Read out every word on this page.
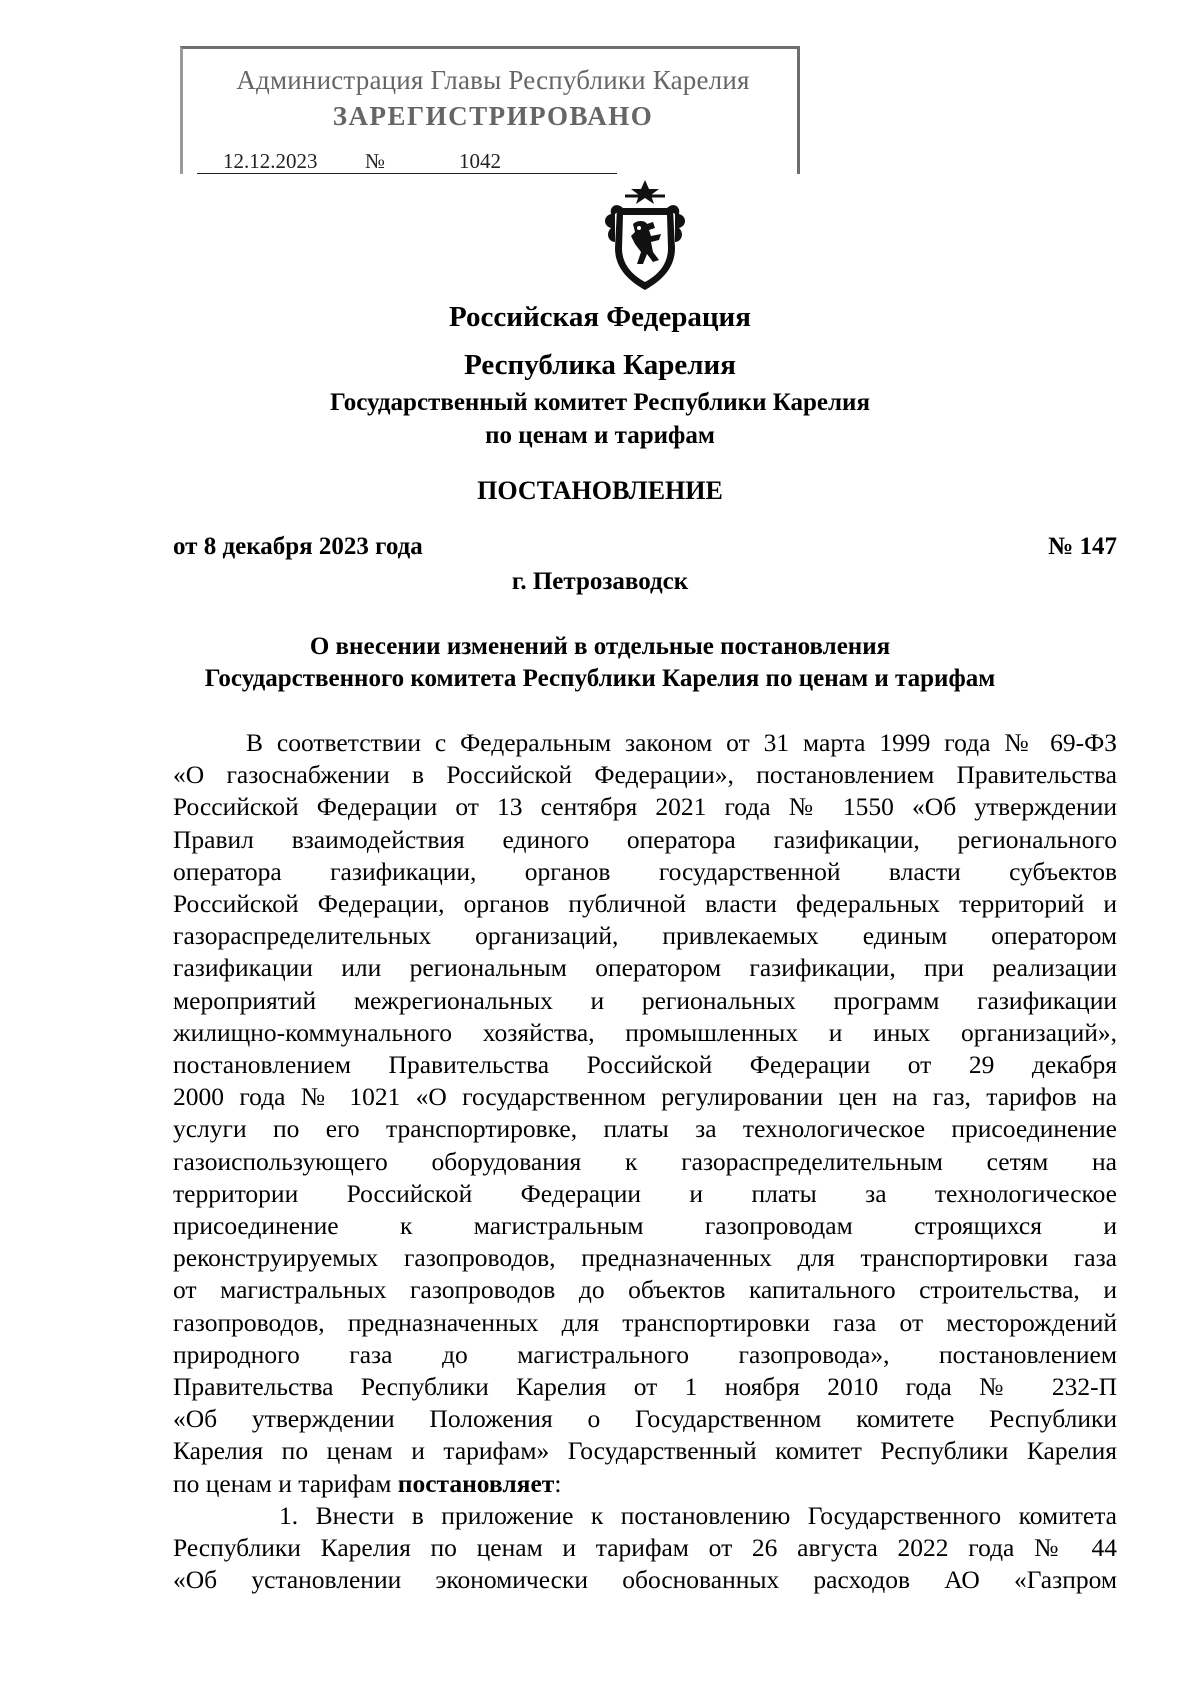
Администрация Главы Республики Карелия
ЗАРЕГИСТРИРОВАНО
12.12.2023 №	1042
Российская Федерация
Республика Карелия
Государственный комитет Республики Карелия
по ценам и тарифам
ПОСТАНОВЛЕНИЕ
от 8 декабря 2023 года	№ 147
г. Петрозаводск
О внесении изменений в отдельные постановления
Государственного комитета Республики Карелия по ценам и тарифам
В соответствии с Федеральным законом от 31 марта 1999 года № 69-ФЗ
«О газоснабжении в Российской Федерации», постановлением Правительства
Российской Федерации от 13 сентября 2021 года № 1550 «Об утверждении
Правил взаимодействия единого оператора газификации, регионального
оператора газификации, органов государственной власти субъектов
Российской Федерации, органов публичной власти федеральных территорий и
газораспределительных организаций, привлекаемых единым оператором
газификации или региональным оператором газификации, при реализации
мероприятий межрегиональных и региональных программ газификации
жилищно-коммунального хозяйства, промышленных и иных организаций»,
постановлением Правительства Российской Федерации от 29 декабря
2000 года № 1021 «О государственном регулировании цен на газ, тарифов на
услуги по его транспортировке, платы за технологическое присоединение
газоиспользующего оборудования к газораспределительным сетям на
территории Российской Федерации и платы за технологическое
присоединение к магистральным газопроводам строящихся и
реконструируемых газопроводов, предназначенных для транспортировки газа
от магистральных газопроводов до объектов капитального строительства, и
газопроводов, предназначенных для транспортировки газа от месторождений
природного газа до магистрального газопровода», постановлением
Правительства Республики Карелия от 1 ноября 2010 года № 232-П
«Об утверждении Положения о Государственном комитете Республики
Карелия по ценам и тарифам» Государственный комитет Республики Карелия
по ценам и тарифам постановляет:
1. Внести в приложение к постановлению Государственного комитета
Республики Карелия по ценам и тарифам от 26 августа 2022 года № 44
«Об установлении экономически обоснованных расходов АО «Газпром
